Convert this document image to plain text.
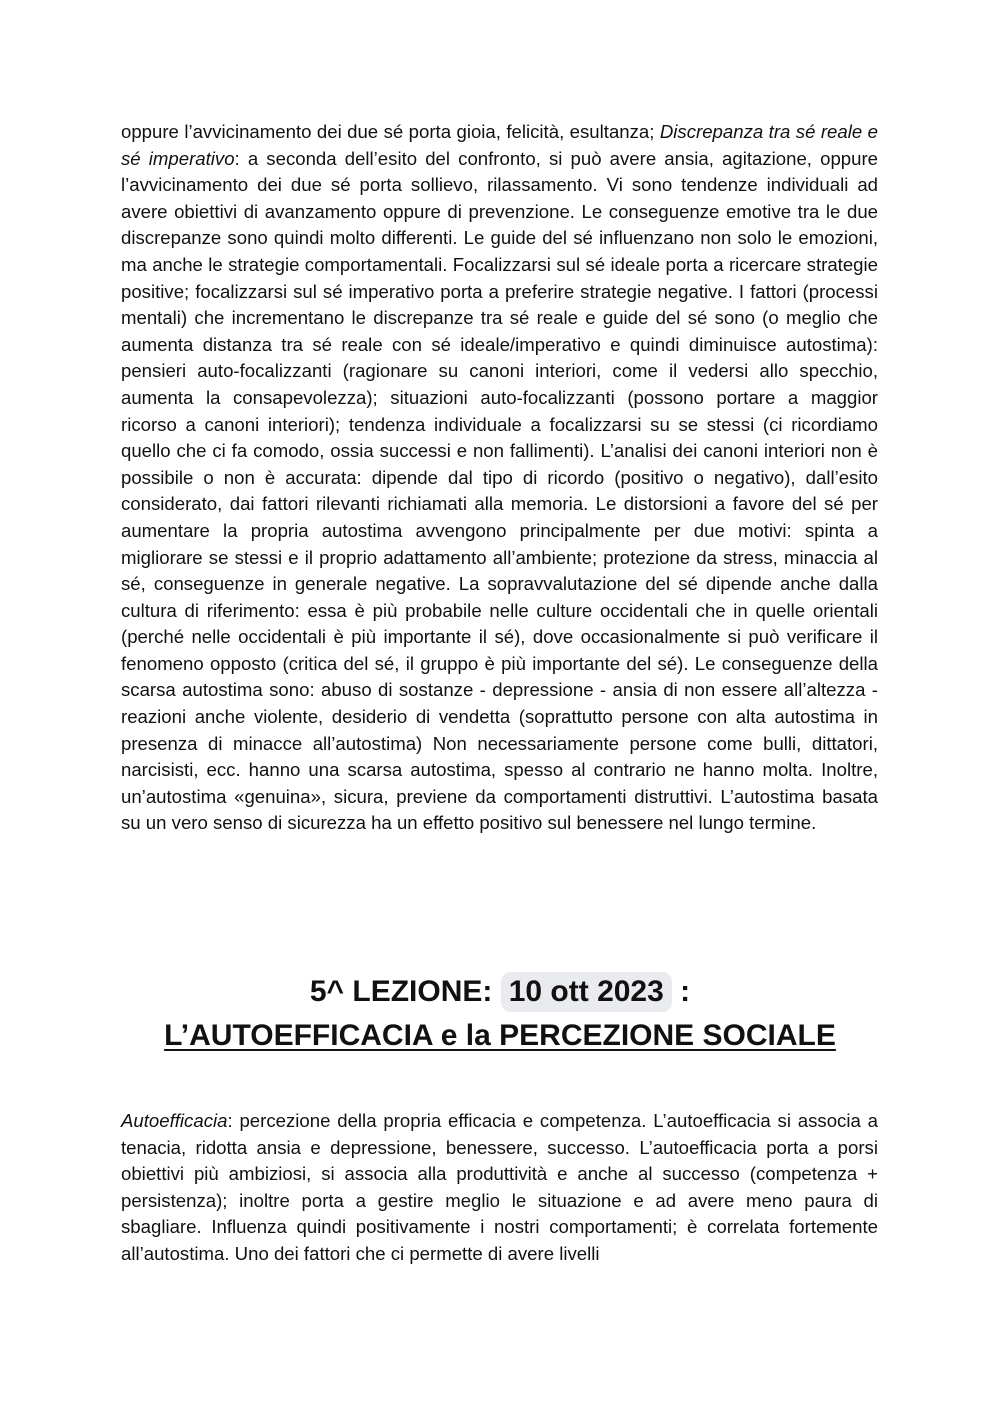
oppure l’avvicinamento dei due sé porta gioia, felicità, esultanza; Discrepanza tra sé reale e sé imperativo: a seconda dell’esito del confronto, si può avere ansia, agitazione, oppure l’avvicinamento dei due sé porta sollievo, rilassamento. Vi sono tendenze individuali ad avere obiettivi di avanzamento oppure di prevenzione. Le conseguenze emotive tra le due discrepanze sono quindi molto differenti. Le guide del sé influenzano non solo le emozioni, ma anche le strategie comportamentali. Focalizzarsi sul sé ideale porta a ricercare strategie positive; focalizzarsi sul sé imperativo porta a preferire strategie negative. I fattori (processi mentali) che incrementano le discrepanze tra sé reale e guide del sé sono (o meglio che aumenta distanza tra sé reale con sé ideale/imperativo e quindi diminuisce autostima): pensieri auto-focalizzanti (ragionare su canoni interiori, come il vedersi allo specchio, aumenta la consapevolezza); situazioni auto-focalizzanti (possono portare a maggior ricorso a canoni interiori); tendenza individuale a focalizzarsi su se stessi (ci ricordiamo quello che ci fa comodo, ossia successi e non fallimenti). L’analisi dei canoni interiori non è possibile o non è accurata: dipende dal tipo di ricordo (positivo o negativo), dall’esito considerato, dai fattori rilevanti richiamati alla memoria. Le distorsioni a favore del sé per aumentare la propria autostima avvengono principalmente per due motivi: spinta a migliorare se stessi e il proprio adattamento all’ambiente; protezione da stress, minaccia al sé, conseguenze in generale negative. La sopravvalutazione del sé dipende anche dalla cultura di riferimento: essa è più probabile nelle culture occidentali che in quelle orientali (perché nelle occidentali è più importante il sé), dove occasionalmente si può verificare il fenomeno opposto (critica del sé, il gruppo è più importante del sé). Le conseguenze della scarsa autostima sono: abuso di sostanze - depressione - ansia di non essere all’altezza - reazioni anche violente, desiderio di vendetta (soprattutto persone con alta autostima in presenza di minacce all’autostima) Non necessariamente persone come bulli, dittatori, narcisisti, ecc. hanno una scarsa autostima, spesso al contrario ne hanno molta. Inoltre, un’autostima «genuina», sicura, previene da comportamenti distruttivi. L’autostima basata su un vero senso di sicurezza ha un effetto positivo sul benessere nel lungo termine.

5^ LEZIONE: 10 ott 2023 :
L’AUTOEFFICACIA e la PERCEZIONE SOCIALE

Autoefficacia: percezione della propria efficacia e competenza. L’autoefficacia si associa a tenacia, ridotta ansia e depressione, benessere, successo. L’autoefficacia porta a porsi obiettivi più ambiziosi, si associa alla produttività e anche al successo (competenza + persistenza); inoltre porta a gestire meglio le situazione e ad avere meno paura di sbagliare. Influenza quindi positivamente i nostri comportamenti; è correlata fortemente all’autostima. Uno dei fattori che ci permette di avere livelli
